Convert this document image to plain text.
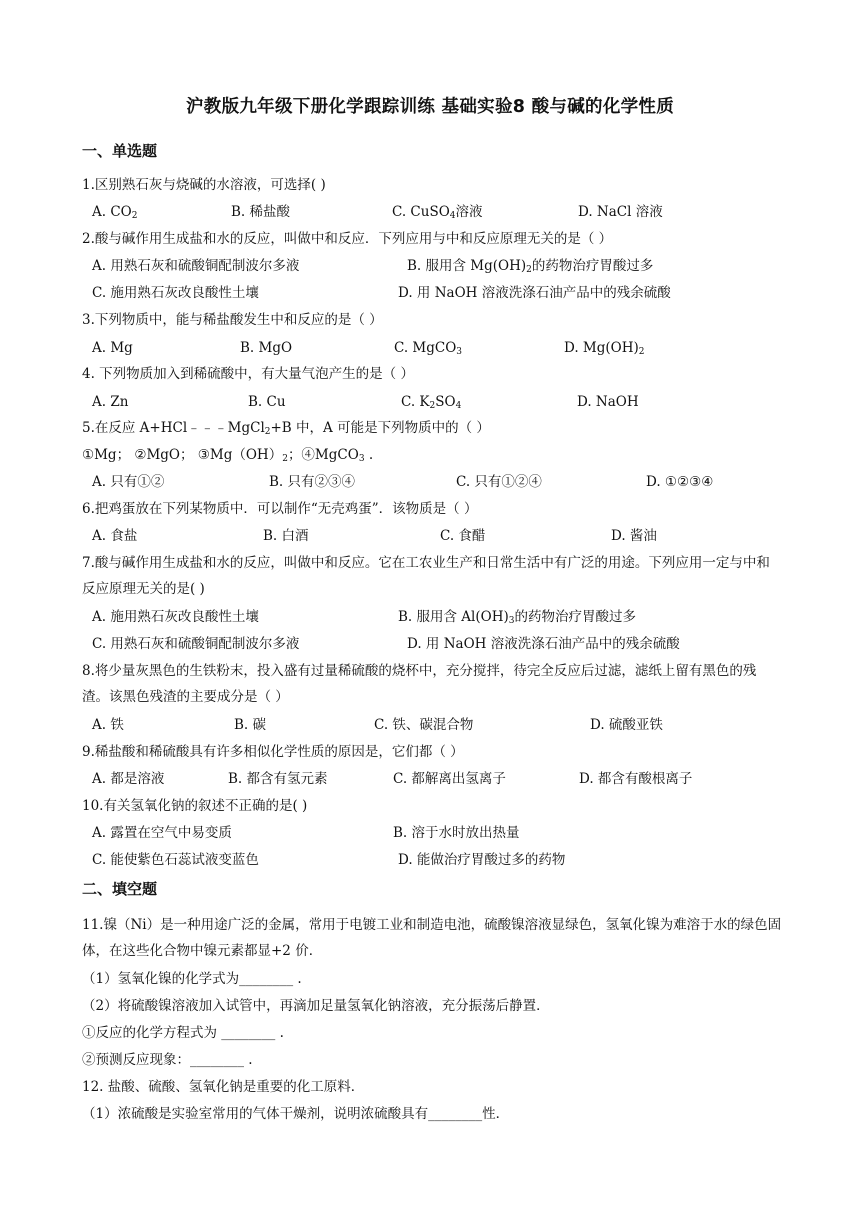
沪教版九年级下册化学跟踪训练 基础实验8 酸与碱的化学性质
一、单选题
1.区别熟石灰与烧碱的水溶液，可选择( )
A. $CO_2$	B. 稀盐酸	C. CuSO$_4$溶液	D. NaCl 溶液
2.酸与碱作用生成盐和水的反应，叫做中和反应．下列应用与中和反应原理无关的是（ ）
A. 用熟石灰和硫酸铜配制波尔多液	B. 服用含 $Mg(OH)_2$的药物治疗胃酸过多
C. 施用熟石灰改良酸性土壤	D. 用 NaOH 溶液洗涤石油产品中的残余硫酸
3.下列物质中，能与稀盐酸发生中和反应的是（ ）
A. Mg	B. MgO	C. MgCO$_3$	D. $Mg(OH)_2$
4. 下列物质加入到稀硫酸中，有大量气泡产生的是（ ）
A. Zn	B. Cu	C. $K_2SO_4$	D. NaOH
5.在反应 A+HCl﹣﹣﹣MgCl$_2$+B 中，A 可能是下列物质中的（ ）
①Mg； ②MgO； $③Mg(OH)_2$；④MgCO$_3$ .
A. 只有①②	B. 只有②③④	C. 只有①②④	D. ①②③④
6.把鸡蛋放在下列某物质中．可以制作“无壳鸡蛋”．该物质是（ ）
A. 食盐	B. 白酒	C. 食醋	D. 酱油
7.酸与碱作用生成盐和水的反应，叫做中和反应。它在工农业生产和日常生活中有广泛的用途。下列应用一定与中和反应原理无关的是( )
A. 施用熟石灰改良酸性土壤	B. 服用含 $Al(OH)_3$的药物治疗胃酸过多
C. 用熟石灰和硫酸铜配制波尔多液	D. 用 NaOH 溶液洗涤石油产品中的残余硫酸
8.将少量灰黑色的生铁粉末，投入盛有过量稀硫酸的烧杯中，充分搅拌，待完全反应后过滤，滤纸上留有黑色的残渣。该黑色残渣的主要成分是（ ）
A. 铁	B. 碳	C. 铁、碳混合物	D. 硫酸亚铁
9.稀盐酸和稀硫酸具有许多相似化学性质的原因是，它们都（ ）
A. 都是溶液	B. 都含有氢元素	C. 都解离出氢离子	D. 都含有酸根离子
10.有关氢氧化钠的叙述不正确的是( )
A. 露置在空气中易变质	B. 溶于水时放出热量
C. 能使紫色石蕊试液变蓝色	D. 能做治疗胃酸过多的药物
二、填空题
11.镍（Ni）是一种用途广泛的金属，常用于电镀工业和制造电池，硫酸镍溶液显绿色，氢氧化镍为难溶于水的绿色固体，在这些化合物中镍元素都显+2 价．
（1）氢氧化镍的化学式为________ .
（2）将硫酸镍溶液加入试管中，再滴加足量氢氧化钠溶液，充分振荡后静置．
①反应的化学方程式为 ________ .
②预测反应现象：________ .
12. 盐酸、硫酸、氢氧化钠是重要的化工原料．
（1）浓硫酸是实验室常用的气体干燥剂，说明浓硫酸具有________性．
